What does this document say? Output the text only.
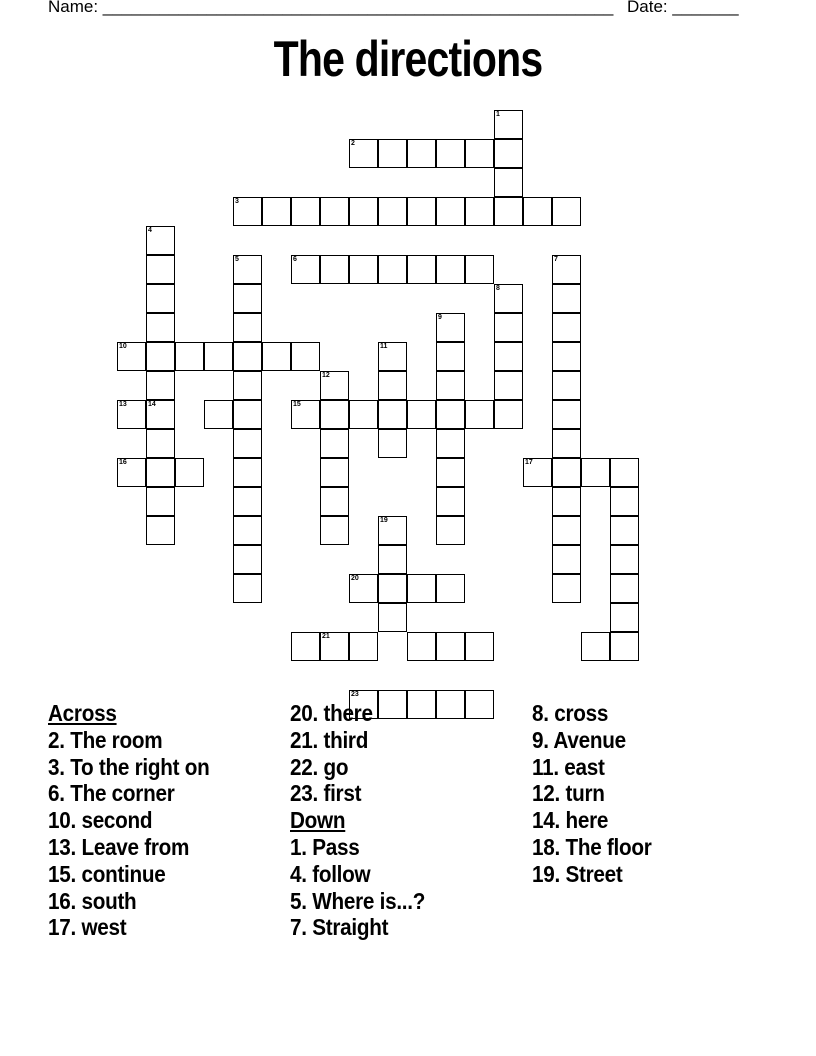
Name: ______________________________________________________ Date: _______
The directions
1
2
3
4
14
5	6	7
8
9
10	11
12
13	15
16	17
19
20
21
23
Across
2. The room
3. To the right on
6. The corner
10. second
13. Leave from
15. continue
16. south
17. west
20. there
21. third
22. go
23. first
Down
1. Pass
4. follow
5. Where is...?
7. Straight
8. cross
9. Avenue
11. east
12. turn
14. here
18. The floor
19. Street
